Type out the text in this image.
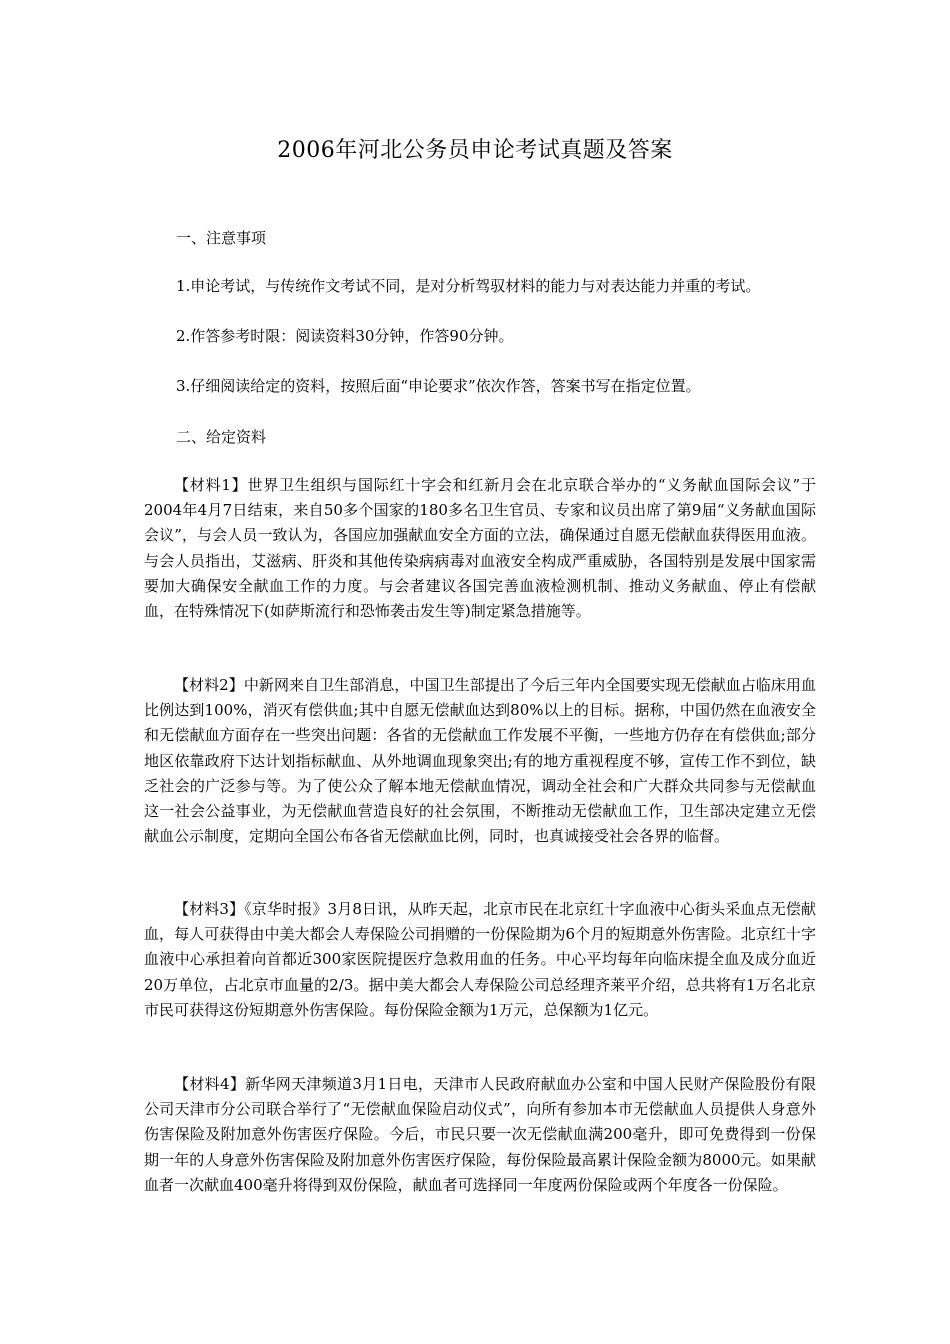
2006年河北公务员申论考试真题及答案
一、注意事项
1.申论考试，与传统作文考试不同，是对分析驾驭材料的能力与对表达能力并重的考试。
2.作答参考时限：阅读资料30分钟，作答90分钟。
3.仔细阅读给定的资料，按照后面“申论要求”依次作答，答案书写在指定位置。
二、给定资料
【材料1】世界卫生组织与国际红十字会和红新月会在北京联合举办的“义务献血国际会议”于2004年4月7日结束，来自50多个国家的180多名卫生官员、专家和议员出席了第9届“义务献血国际会议”，与会人员一致认为，各国应加强献血安全方面的立法，确保通过自愿无偿献血获得医用血液。与会人员指出，艾滋病、肝炎和其他传染病病毒对血液安全构成严重威胁，各国特别是发展中国家需要加大确保安全献血工作的力度。与会者建议各国完善血液检测机制、推动义务献血、停止有偿献血，在特殊情况下(如萨斯流行和恐怖袭击发生等)制定紧急措施等。
【材料2】中新网来自卫生部消息，中国卫生部提出了今后三年内全国要实现无偿献血占临床用血比例达到100%，消灭有偿供血;其中自愿无偿献血达到80%以上的目标。据称，中国仍然在血液安全和无偿献血方面存在一些突出问题：各省的无偿献血工作发展不平衡，一些地方仍存在有偿供血;部分地区依靠政府下达计划指标献血、从外地调血现象突出;有的地方重视程度不够，宣传工作不到位，缺乏社会的广泛参与等。为了使公众了解本地无偿献血情况，调动全社会和广大群众共同参与无偿献血这一社会公益事业，为无偿献血营造良好的社会氛围，不断推动无偿献血工作，卫生部决定建立无偿献血公示制度，定期向全国公布各省无偿献血比例，同时，也真诚接受社会各界的临督。
【材料3】《京华时报》3月8日讯，从昨天起，北京市民在北京红十字血液中心街头采血点无偿献血，每人可获得由中美大都会人寿保险公司捐赠的一份保险期为6个月的短期意外伤害险。北京红十字血液中心承担着向首都近300家医院提医疗急救用血的任务。中心平均每年向临床提全血及成分血近20万单位，占北京市血量的2/3。据中美大都会人寿保险公司总经理齐莱平介绍，总共将有1万名北京市民可获得这份短期意外伤害保险。每份保险金额为1万元，总保额为1亿元。
【材料4】新华网天津频道3月1日电，天津市人民政府献血办公室和中国人民财产保险股份有限公司天津市分公司联合举行了“无偿献血保险启动仪式”，向所有参加本市无偿献血人员提供人身意外伤害保险及附加意外伤害医疗保险。今后，市民只要一次无偿献血满200毫升，即可免费得到一份保期一年的人身意外伤害保险及附加意外伤害医疗保险，每份保险最高累计保险金额为8000元。如果献血者一次献血400毫升将得到双份保险，献血者可选择同一年度两份保险或两个年度各一份保险。
